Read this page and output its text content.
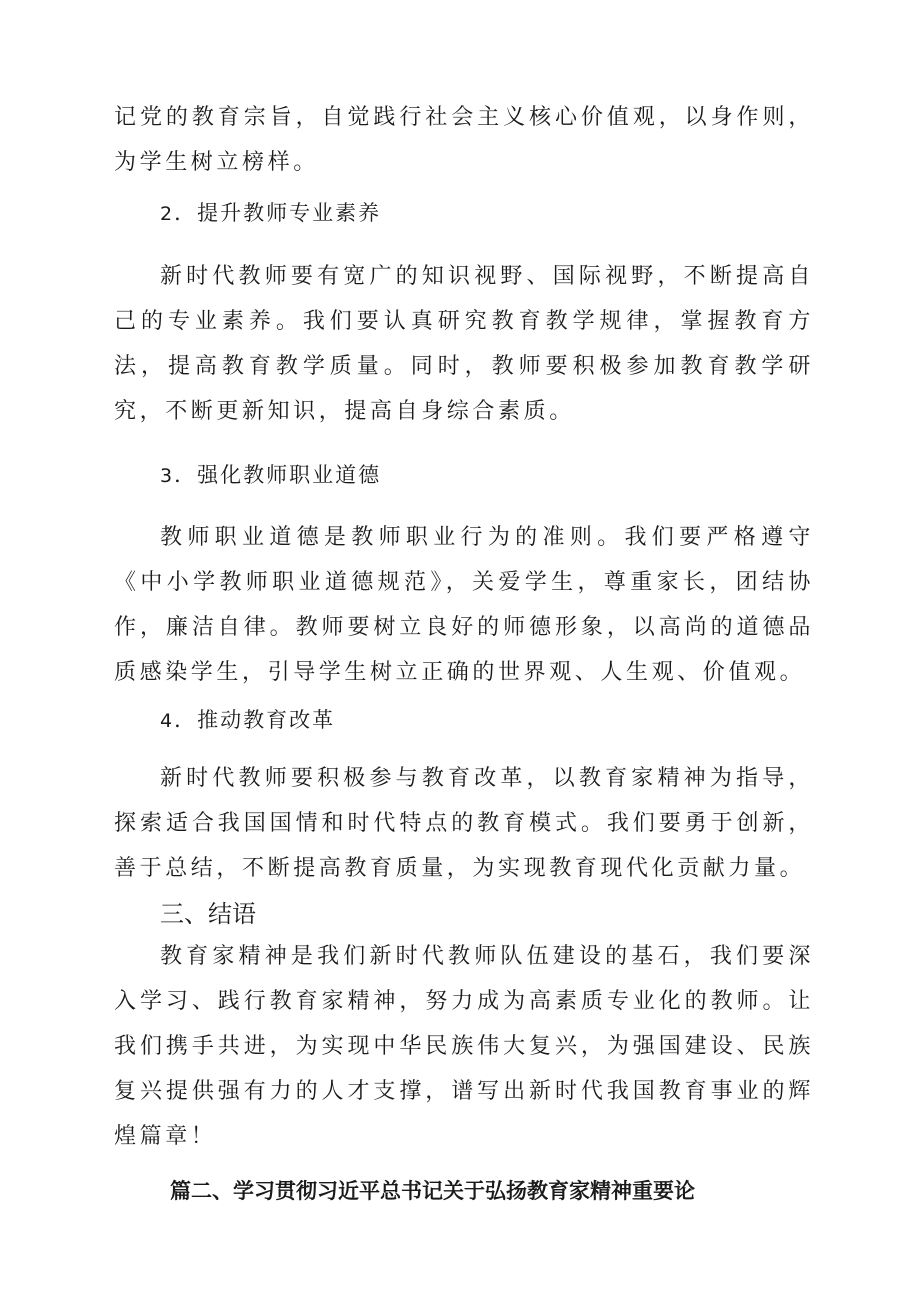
记党的教育宗旨，自觉践行社会主义核心价值观，以身作则，为学生树立榜样。

2．提升教师专业素养

新时代教师要有宽广的知识视野、国际视野，不断提高自己的专业素养。我们要认真研究教育教学规律，掌握教育方法，提高教育教学质量。同时，教师要积极参加教育教学研究，不断更新知识，提高自身综合素质。

3．强化教师职业道德

教师职业道德是教师职业行为的准则。我们要严格遵守《中小学教师职业道德规范》，关爱学生，尊重家长，团结协作，廉洁自律。教师要树立良好的师德形象，以高尚的道德品质感染学生，引导学生树立正确的世界观、人生观、价值观。

4．推动教育改革

新时代教师要积极参与教育改革，以教育家精神为指导，探索适合我国国情和时代特点的教育模式。我们要勇于创新，善于总结，不断提高教育质量，为实现教育现代化贡献力量。

三、结语

教育家精神是我们新时代教师队伍建设的基石，我们要深入学习、践行教育家精神，努力成为高素质专业化的教师。让我们携手共进，为实现中华民族伟大复兴，为强国建设、民族复兴提供强有力的人才支撑，谱写出新时代我国教育事业的辉煌篇章！

篇二、学习贯彻习近平总书记关于弘扬教育家精神重要论
